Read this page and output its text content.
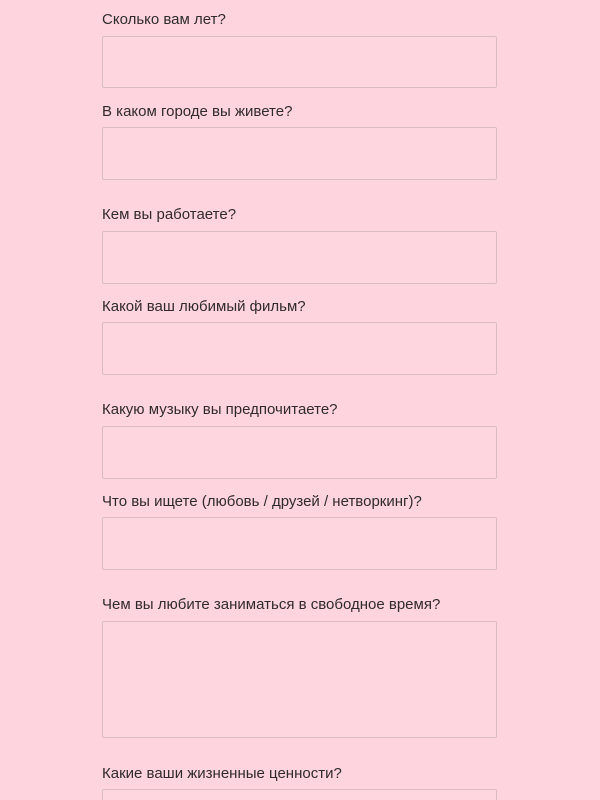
Сколько вам лет?
В каком городе вы живете?
Кем вы работаете?
Какой ваш любимый фильм?
Какую музыку вы предпочитаете?
Что вы ищете (любовь / друзей / нетворкинг)?
Чем вы любите заниматься в свободное время?
Какие ваши жизненные ценности?
